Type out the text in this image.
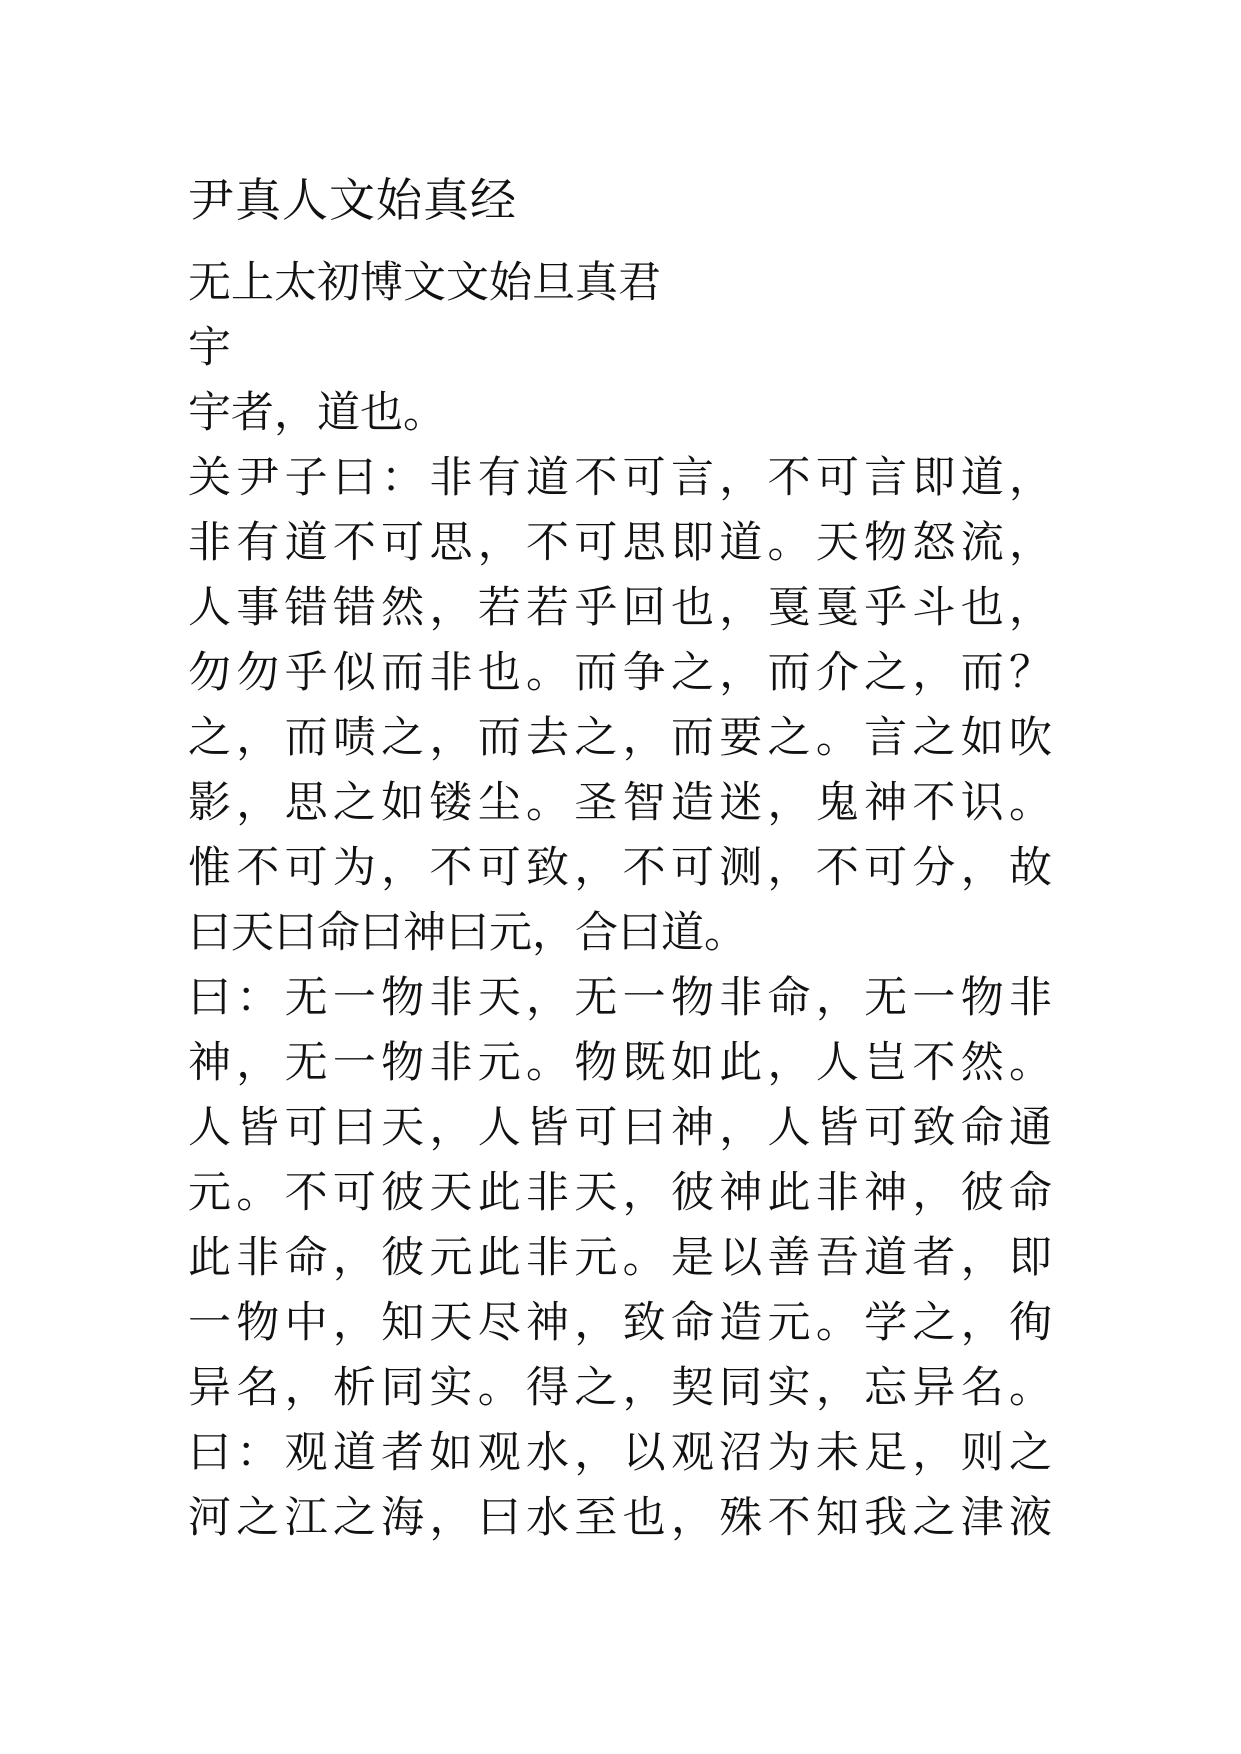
尹真人文始真经
无上太初博文文始旦真君
宇
宇者，道也。
关尹子曰：非有道不可言，不可言即道，
非有道不可思，不可思即道。天物怒流，
人事错错然，若若乎回也，戛戛乎斗也，
勿勿乎似而非也。而争之，而介之，而？
之，而啧之，而去之，而要之。言之如吹
影，思之如镂尘。圣智造迷，鬼神不识。
惟不可为，不可致，不可测，不可分，故
曰天曰命曰神曰元，合曰道。
曰：无一物非天，无一物非命，无一物非
神，无一物非元。物既如此，人岂不然。
人皆可曰天，人皆可曰神，人皆可致命通
元。不可彼天此非天，彼神此非神，彼命
此非命，彼元此非元。是以善吾道者，即
一物中，知天尽神，致命造元。学之，徇
异名，析同实。得之，契同实，忘异名。
曰：观道者如观水，以观沼为未足，则之
河之江之海，曰水至也，殊不知我之津液
